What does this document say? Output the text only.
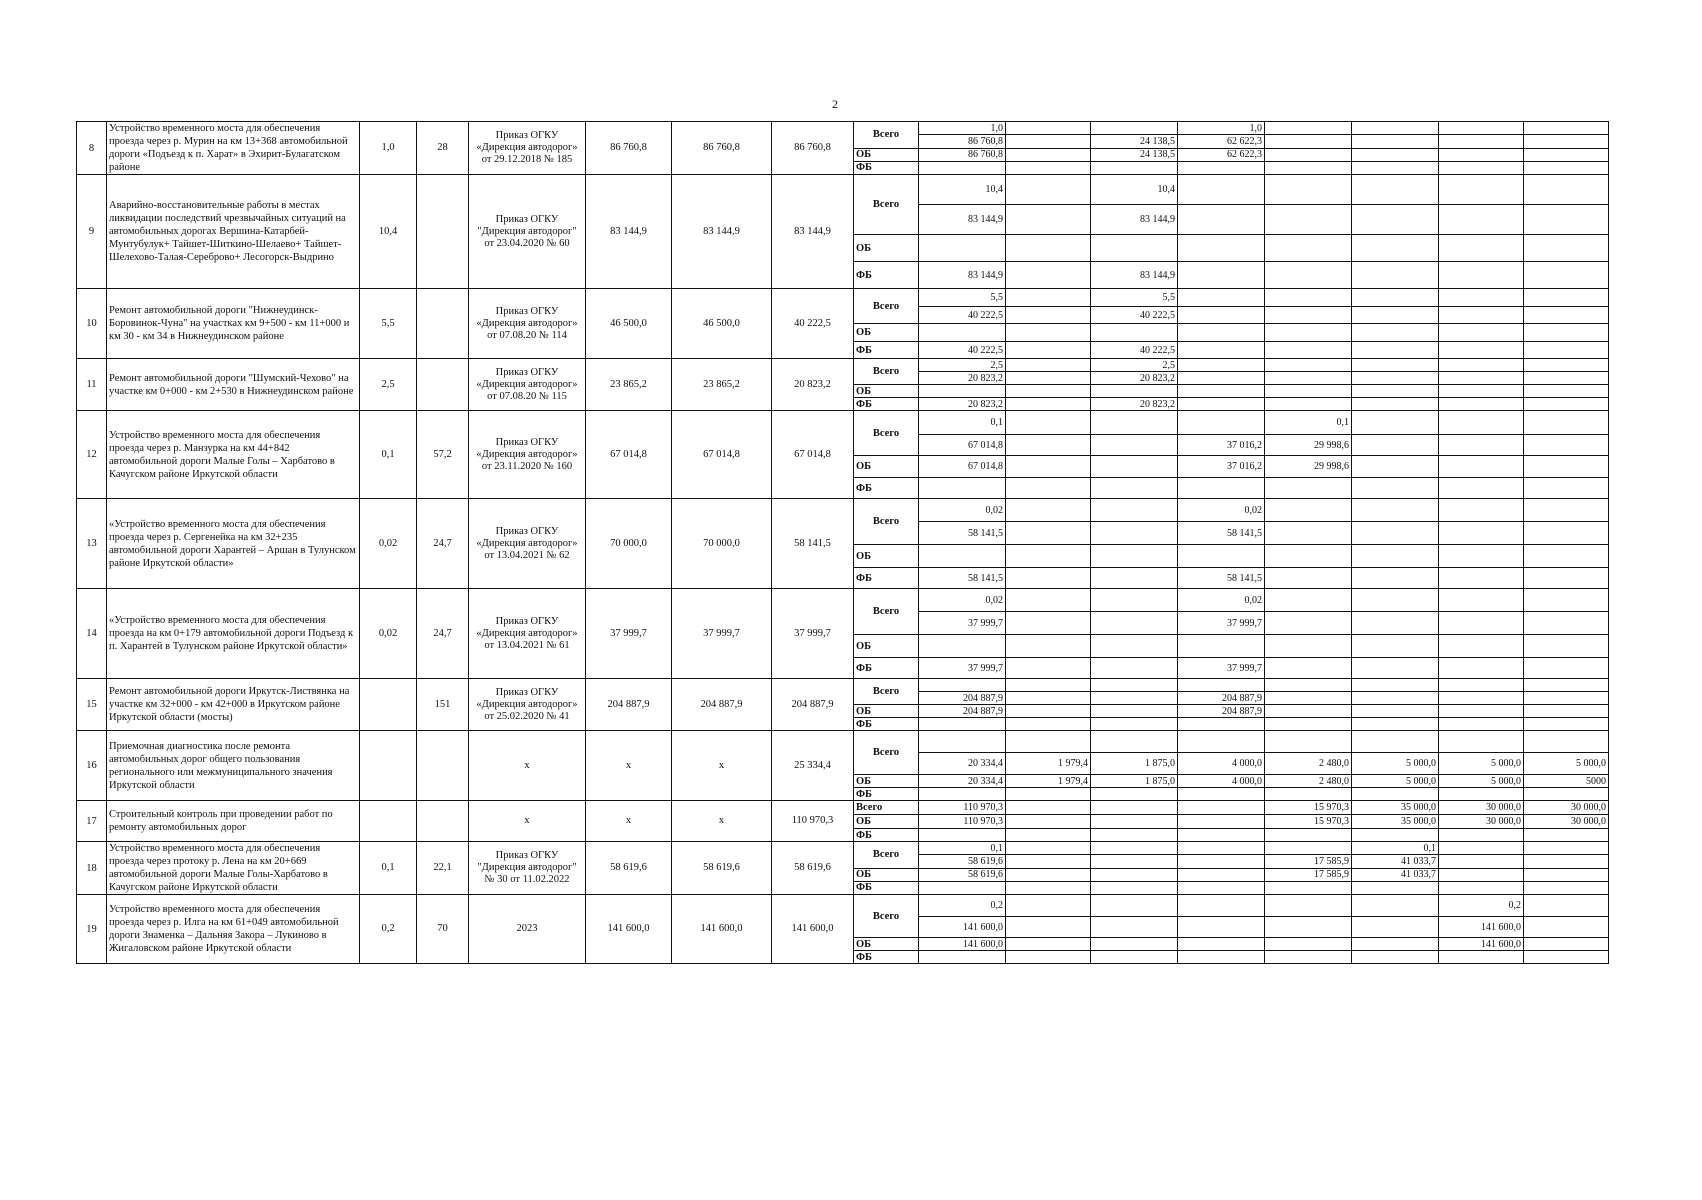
2
8	Устройство временного моста для обеспечения проезда через р. Мурин на км 13+368 автомобильной дороги «Подъезд к п. Харат» в Эхирит-Булагатском районе	1,0	28	Приказ ОГКУ «Дирекция автодорог» от 29.12.2018 № 185	86 760,8	86 760,8	86 760,8	Всего	1,0			1,0				
									86 760,8		24 138,5	62 622,3				
								ОБ	86 760,8		24 138,5	62 622,3				
								ФБ								
9	Аварийно-восстановительные работы в местах ликвидации последствий чрезвычайных ситуаций на автомобильных дорогах Вершина-Катарбей-Мунтубулук+ Тайшет-Шиткино-Шелаево+ Тайшет-Шелехово-Талая-Сереброво+ Лесогорск-Выдрино	10,4		Приказ ОГКУ "Дирекция автодорог" от 23.04.2020 № 60	83 144,9	83 144,9	83 144,9	Всего	10,4		10,4					
									83 144,9		83 144,9					
								ОБ								
								ФБ	83 144,9		83 144,9					
10	Ремонт автомобильной дороги "Нижнеудинск-Боровинок-Чуна" на участках км 9+500 - км 11+000 и км 30 - км 34 в Нижнеудинском районе	5,5		Приказ ОГКУ «Дирекция автодорог» от 07.08.20 № 114	46 500,0	46 500,0	40 222,5	Всего	5,5		5,5					
									40 222,5		40 222,5					
								ОБ								
								ФБ	40 222,5		40 222,5					
11	Ремонт автомобильной дороги "Шумский-Чехово" на участке км 0+000 - км 2+530 в Нижнеудинском районе	2,5		Приказ ОГКУ «Дирекция автодорог» от 07.08.20 № 115	23 865,2	23 865,2	20 823,2	Всего	2,5		2,5					
									20 823,2		20 823,2					
								ОБ								
								ФБ	20 823,2		20 823,2					
12	Устройство временного моста для обеспечения проезда через р. Манзурка на км 44+842 автомобильной дороги Малые Голы – Харбатово в Качугском районе Иркутской области	0,1	57,2	Приказ ОГКУ «Дирекция автодорог» от 23.11.2020 № 160	67 014,8	67 014,8	67 014,8	Всего	0,1				0,1			
									67 014,8			37 016,2	29 998,6			
								ОБ	67 014,8			37 016,2	29 998,6			
								ФБ								
13	«Устройство временного моста для обеспечения проезда через р. Сергенейка на км 32+235 автомобильной дороги Харантей – Аршан в Тулунском районе Иркутской области»	0,02	24,7	Приказ ОГКУ «Дирекция автодорог» от 13.04.2021 № 62	70 000,0	70 000,0	58 141,5	Всего	0,02			0,02				
									58 141,5			58 141,5				
								ОБ								
								ФБ	58 141,5			58 141,5				
14	«Устройство временного моста для обеспечения проезда на км 0+179 автомобильной дороги Подъезд к п. Харантей в Тулунском районе Иркутской области»	0,02	24,7	Приказ ОГКУ «Дирекция автодорог» от 13.04.2021 № 61	37 999,7	37 999,7	37 999,7	Всего	0,02			0,02				
									37 999,7			37 999,7				
								ОБ								
								ФБ	37 999,7			37 999,7				
15	Ремонт автомобильной дороги Иркутск-Листвянка на участке км 32+000 - км 42+000 в Иркутском районе Иркутской области (мосты)		151	Приказ ОГКУ «Дирекция автодорог» от 25.02.2020 № 41	204 887,9	204 887,9	204 887,9	Всего								
									204 887,9			204 887,9				
								ОБ	204 887,9			204 887,9				
								ФБ								
16	Приемочная диагностика после ремонта автомобильных дорог общего пользования регионального или межмуниципального значения Иркутской области			х	х	х	25 334,4	Всего								
									20 334,4	1 979,4	1 875,0	4 000,0	2 480,0	5 000,0	5 000,0	5 000,0
								ОБ	20 334,4	1 979,4	1 875,0	4 000,0	2 480,0	5 000,0	5 000,0	5000
								ФБ								
17	Строительный контроль при проведении работ по ремонту автомобильных дорог			х	х	х	110 970,3	Всего	110 970,3				15 970,3	35 000,0	30 000,0	30 000,0
								ОБ	110 970,3				15 970,3	35 000,0	30 000,0	30 000,0
								ФБ								
18	Устройство временного моста для обеспечения проезда через протоку р. Лена на км 20+669 автомобильной дороги Малые Голы-Харбатово в Качугском районе Иркутской области	0,1	22,1	Приказ ОГКУ "Дирекция автодорог" № 30 от 11.02.2022	58 619,6	58 619,6	58 619,6	Всего	0,1					0,1		
									58 619,6				17 585,9	41 033,7		
								ОБ	58 619,6				17 585,9	41 033,7		
								ФБ								
19	Устройство временного моста для обеспечения проезда через р. Илга на км 61+049 автомобильной дороги Знаменка – Дальняя Закора – Лукиново в Жигаловском районе Иркутской области	0,2	70	2023	141 600,0	141 600,0	141 600,0	Всего	0,2						0,2	
									141 600,0						141 600,0	
								ОБ	141 600,0						141 600,0	
								ФБ								
